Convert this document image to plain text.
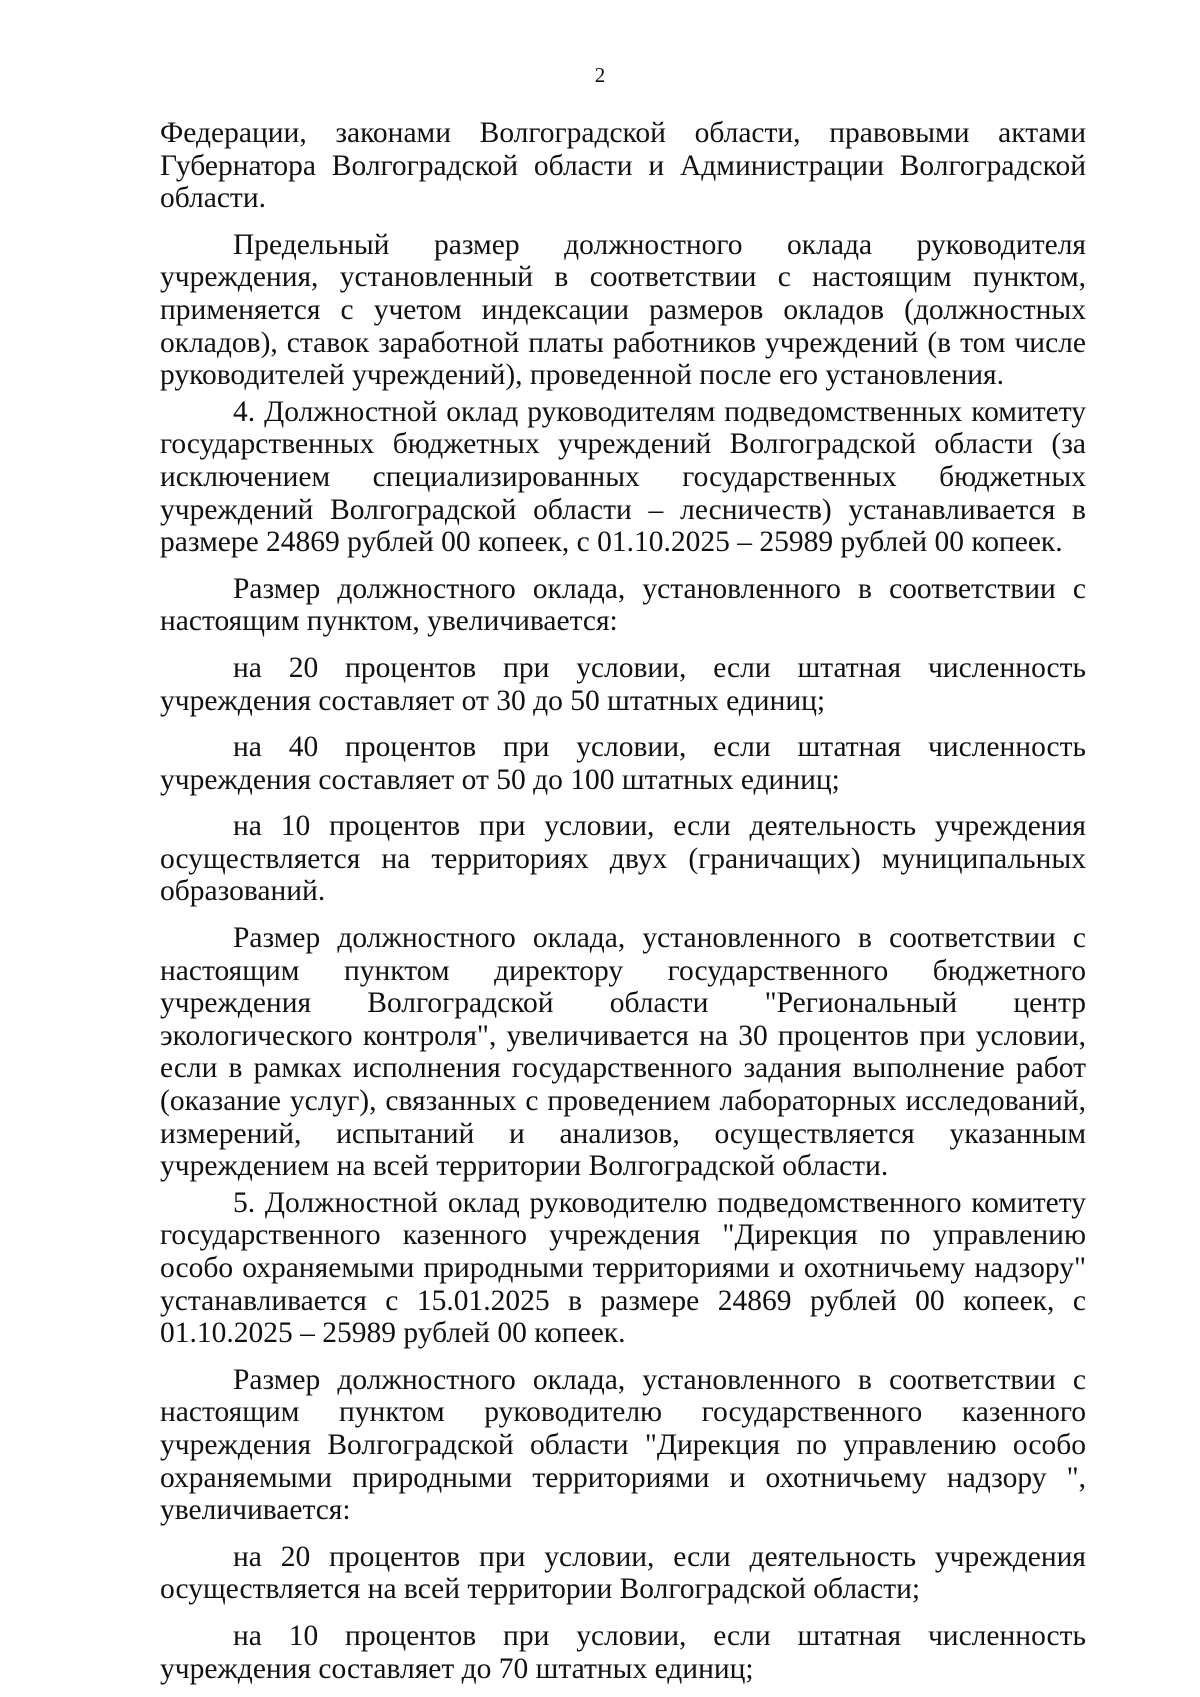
2

Федерации, законами Волгоградской области, правовыми актами Губернатора Волгоградской области и Администрации Волгоградской области.

Предельный размер должностного оклада руководителя учреждения, установленный в соответствии с настоящим пунктом, применяется с учетом индексации размеров окладов (должностных окладов), ставок заработной платы работников учреждений (в том числе руководителей учреждений), проведенной после его установления.

4. Должностной оклад руководителям подведомственных комитету государственных бюджетных учреждений Волгоградской области (за исключением специализированных государственных бюджетных учреждений Волгоградской области – лесничеств) устанавливается в размере 24869 рублей 00 копеек, с 01.10.2025 – 25989 рублей 00 копеек.

Размер должностного оклада, установленного в соответствии с настоящим пунктом, увеличивается:

на 20 процентов при условии, если штатная численность учреждения составляет от 30 до 50 штатных единиц;

на 40 процентов при условии, если штатная численность учреждения составляет от 50 до 100 штатных единиц;

на 10 процентов при условии, если деятельность учреждения осуществляется на территориях двух (граничащих) муниципальных образований.

Размер должностного оклада, установленного в соответствии с настоящим пунктом директору государственного бюджетного учреждения Волгоградской области "Региональный центр экологического контроля", увеличивается на 30 процентов при условии, если в рамках исполнения государственного задания выполнение работ (оказание услуг), связанных с проведением лабораторных исследований, измерений, испытаний и анализов, осуществляется указанным учреждением на всей территории Волгоградской области.

5. Должностной оклад руководителю подведомственного комитету государственного казенного учреждения "Дирекция по управлению особо охраняемыми природными территориями и охотничьему надзору" устанавливается с 15.01.2025 в размере 24869 рублей 00 копеек, с 01.10.2025 – 25989 рублей 00 копеек.

Размер должностного оклада, установленного в соответствии с настоящим пунктом руководителю государственного казенного учреждения Волгоградской области "Дирекция по управлению особо охраняемыми природными территориями и охотничьему надзору ", увеличивается:

на 20 процентов при условии, если деятельность учреждения осуществляется на всей территории Волгоградской области;

на 10 процентов при условии, если штатная численность учреждения составляет до 70 штатных единиц;
